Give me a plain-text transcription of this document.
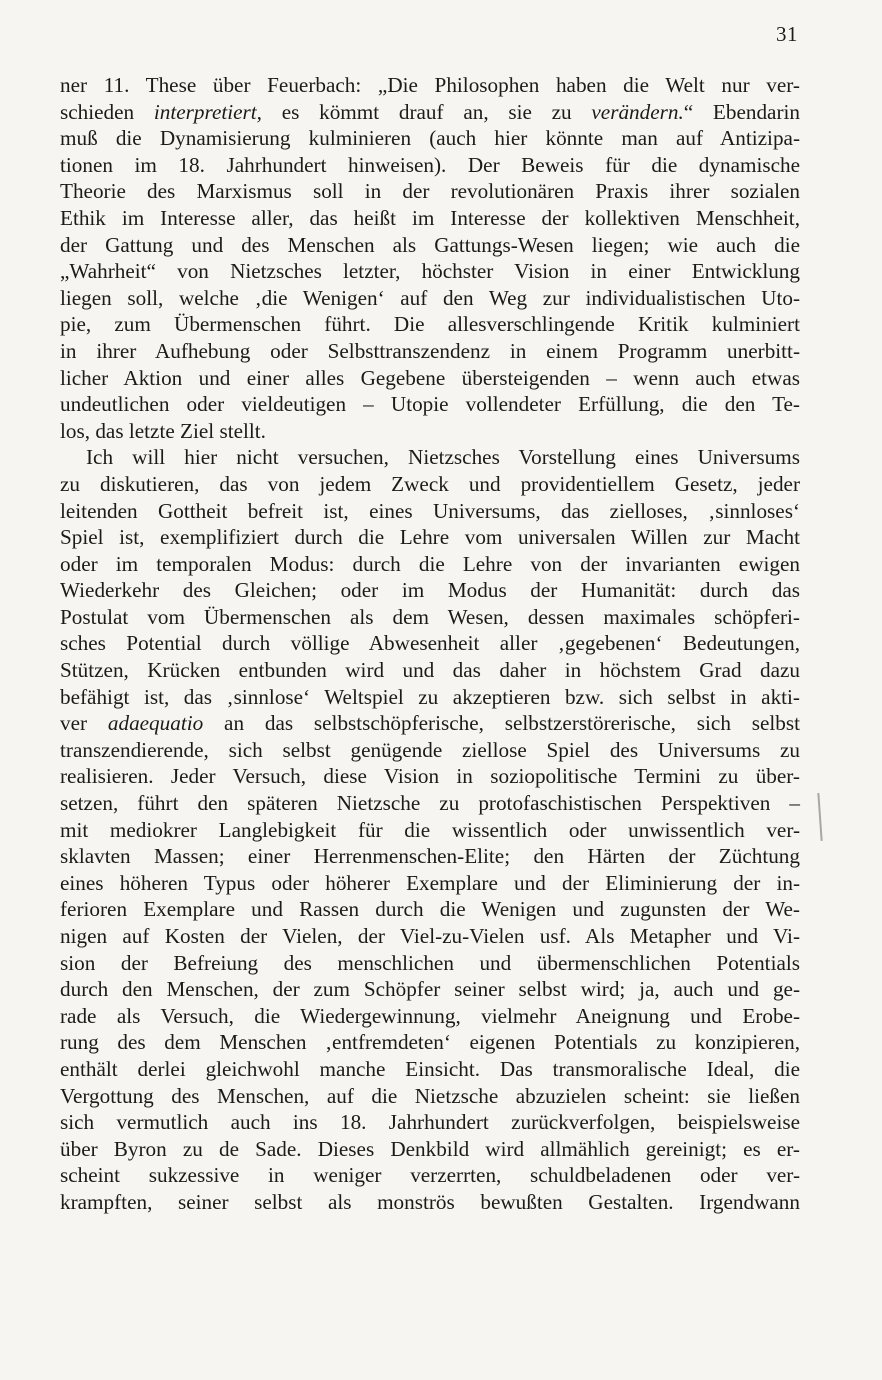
31
ner 11. These über Feuerbach: „Die Philosophen haben die Welt nur ver-
schieden interpretiert, es kömmt drauf an, sie zu verändern.“ Ebendarin
muß die Dynamisierung kulminieren (auch hier könnte man auf Antizipa-
tionen im 18. Jahrhundert hinweisen). Der Beweis für die dynamische
Theorie des Marxismus soll in der revolutionären Praxis ihrer sozialen
Ethik im Interesse aller, das heißt im Interesse der kollektiven Menschheit,
der Gattung und des Menschen als Gattungs-Wesen liegen; wie auch die
„Wahrheit“ von Nietzsches letzter, höchster Vision in einer Entwicklung
liegen soll, welche ‚die Wenigen‘ auf den Weg zur individualistischen Uto-
pie, zum Übermenschen führt. Die allesverschlingende Kritik kulminiert
in ihrer Aufhebung oder Selbsttranszendenz in einem Programm unerbitt-
licher Aktion und einer alles Gegebene übersteigenden – wenn auch etwas
undeutlichen oder vieldeutigen – Utopie vollendeter Erfüllung, die den Te-
los, das letzte Ziel stellt.
Ich will hier nicht versuchen, Nietzsches Vorstellung eines Universums
zu diskutieren, das von jedem Zweck und providentiellem Gesetz, jeder
leitenden Gottheit befreit ist, eines Universums, das zielloses, ‚sinnloses‘
Spiel ist, exemplifiziert durch die Lehre vom universalen Willen zur Macht
oder im temporalen Modus: durch die Lehre von der invarianten ewigen
Wiederkehr des Gleichen; oder im Modus der Humanität: durch das
Postulat vom Übermenschen als dem Wesen, dessen maximales schöpferi-
sches Potential durch völlige Abwesenheit aller ‚gegebenen‘ Bedeutungen,
Stützen, Krücken entbunden wird und das daher in höchstem Grad dazu
befähigt ist, das ‚sinnlose‘ Weltspiel zu akzeptieren bzw. sich selbst in akti-
ver adaequatio an das selbstschöpferische, selbstzerstörerische, sich selbst
transzendierende, sich selbst genügende ziellose Spiel des Universums zu
realisieren. Jeder Versuch, diese Vision in soziopolitische Termini zu über-
setzen, führt den späteren Nietzsche zu protofaschistischen Perspektiven –
mit mediokrer Langlebigkeit für die wissentlich oder unwissentlich ver-
sklavten Massen; einer Herrenmenschen-Elite; den Härten der Züchtung
eines höheren Typus oder höherer Exemplare und der Eliminierung der in-
ferioren Exemplare und Rassen durch die Wenigen und zugunsten der We-
nigen auf Kosten der Vielen, der Viel-zu-Vielen usf. Als Metapher und Vi-
sion der Befreiung des menschlichen und übermenschlichen Potentials
durch den Menschen, der zum Schöpfer seiner selbst wird; ja, auch und ge-
rade als Versuch, die Wiedergewinnung, vielmehr Aneignung und Erobe-
rung des dem Menschen ‚entfremdeten‘ eigenen Potentials zu konzipieren,
enthält derlei gleichwohl manche Einsicht. Das transmoralische Ideal, die
Vergottung des Menschen, auf die Nietzsche abzuzielen scheint: sie ließen
sich vermutlich auch ins 18. Jahrhundert zurückverfolgen, beispielsweise
über Byron zu de Sade. Dieses Denkbild wird allmählich gereinigt; es er-
scheint sukzessive in weniger verzerrten, schuldbeladenen oder ver-
krampften, seiner selbst als monströs bewußten Gestalten. Irgendwann
